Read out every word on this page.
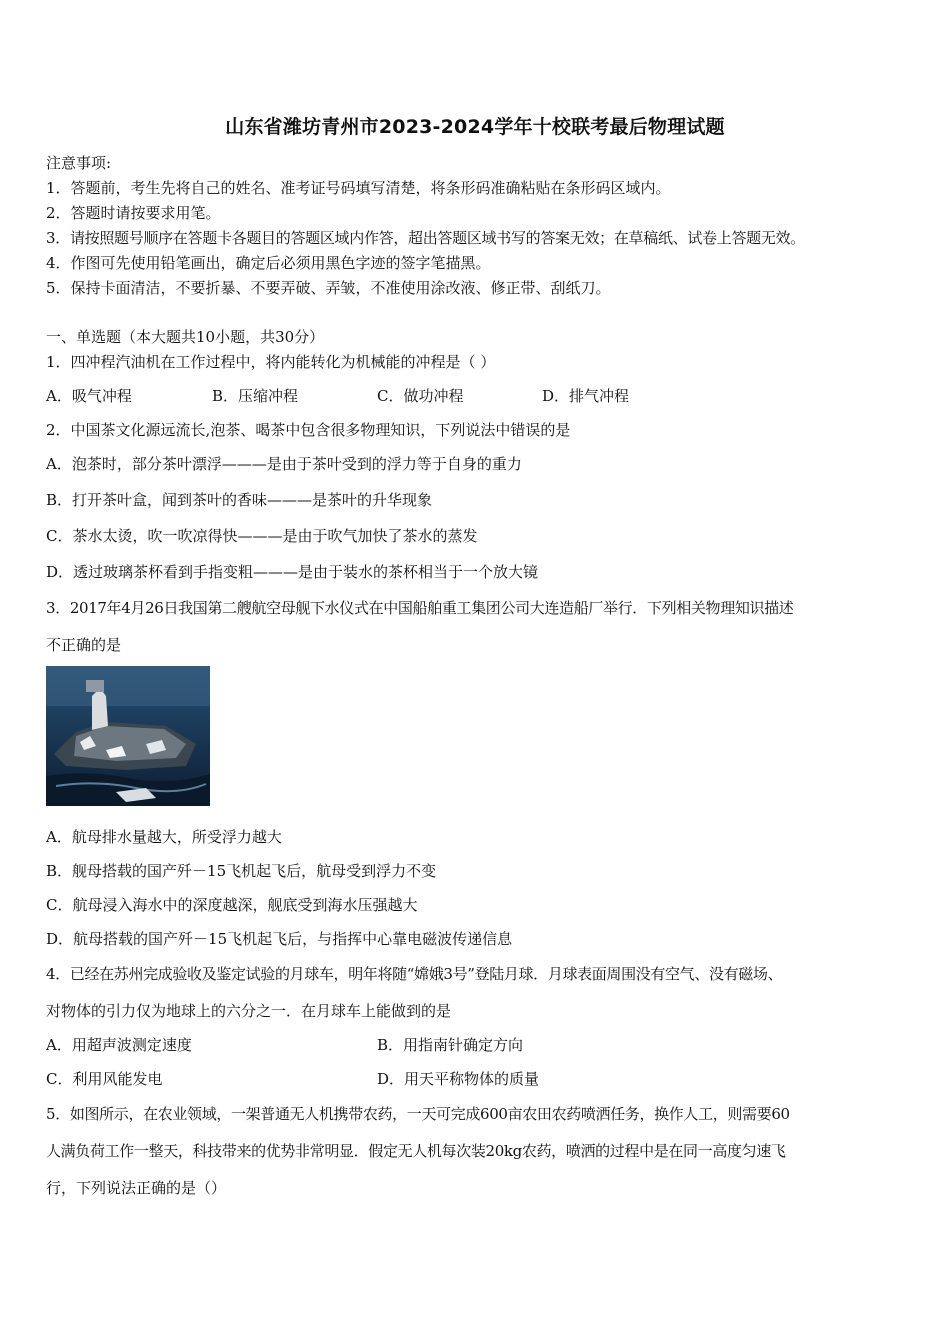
山东省潍坊青州市2023-2024学年十校联考最后物理试题
注意事项:
1．答题前，考生先将自己的姓名、准考证号码填写清楚，将条形码准确粘贴在条形码区域内。
2．答题时请按要求用笔。
3．请按照题号顺序在答题卡各题目的答题区域内作答，超出答题区域书写的答案无效；在草稿纸、试卷上答题无效。
4．作图可先使用铅笔画出，确定后必须用黑色字迹的签字笔描黑。
5．保持卡面清洁，不要折暴、不要弄破、弄皱，不准使用涂改液、修正带、刮纸刀。
一、单选题（本大题共10小题，共30分）
1．四冲程汽油机在工作过程中，将内能转化为机械能的冲程是（ ）
A．吸气冲程	B．压缩冲程	C．做功冲程	D．排气冲程
2．中国茶文化源远流长,泡茶、喝茶中包含很多物理知识，下列说法中错误的是
A．泡茶时，部分茶叶漂浮———是由于茶叶受到的浮力等于自身的重力
B．打开茶叶盒，闻到茶叶的香味———是茶叶的升华现象
C．茶水太烫，吹一吹凉得快———是由于吹气加快了茶水的蒸发
D．透过玻璃茶杯看到手指变粗———是由于装水的茶杯相当于一个放大镜
3．2017年4月26日我国第二艘航空母舰下水仪式在中国船舶重工集团公司大连造船厂举行．下列相关物理知识描述
不正确的是
A．航母排水量越大，所受浮力越大
B．舰母搭载的国产歼－15飞机起飞后，航母受到浮力不变
C．航母浸入海水中的深度越深，舰底受到海水压强越大
D．航母搭载的国产歼－15飞机起飞后，与指挥中心靠电磁波传递信息
4．已经在苏州完成验收及鉴定试验的月球车，明年将随“嫦娥3号”登陆月球．月球表面周围没有空气、没有磁场、
对物体的引力仅为地球上的六分之一．在月球车上能做到的是
A．用超声波测定速度	B．用指南针确定方向
C．利用风能发电	D．用天平称物体的质量
5．如图所示，在农业领域，一架普通无人机携带农药，一天可完成600亩农田农药喷洒任务，换作人工，则需要60
人满负荷工作一整天，科技带来的优势非常明显．假定无人机每次装20kg农药，喷洒的过程中是在同一高度匀速飞
行，下列说法正确的是（）
